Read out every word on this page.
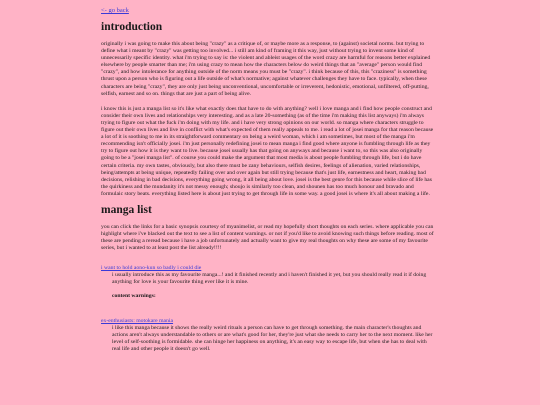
<- go back
introduction

originally i was going to make this about being "crazy" as a critique of, or maybe more as a response, to (against) societal norms. but trying to define what i meant by "crazy" was getting too involved... i still am kind of framing it this way, just without trying to invent some kind of unnecessarily specific identity. what i'm trying to say is: the violent and ableist usages of the word crazy are harmful for reasons better explained elsewhere by people smarter than me; i'm using crazy to mean how the characters below do weird things that an "average" person would find "crazy", and how intolerance for anything outside of the norm means you must be "crazy". i think because of this, this "craziness" is something thrust upon a person who is figuring out a life outside of what's normative; against whatever challenges they have to face. typically, when these characters are being "crazy", they are only just being unconventional, uncomfortable or irreverent, hedonistic, emotional, unfiltered, off-putting, selfish, earnest and so on. things that are just a part of being alive.

i know this is just a manga list so it's like what exactly does that have to do with anything? well i love manga and i find how people construct and consider their own lives and relationships very interesting. and as a late 20-something (as of the time i'm making this list anyways) i'm always trying to figure out what the fuck i'm doing with my life. and i have very strong opinions on our world. so manga where characters struggle to figure out their own lives and live in conflict with what's expected of them really appeals to me. i read a lot of josei manga for that reason because a lot of it is soothing to me in its straightforward commentary on being a weird woman, which i am sometimes, but most of the manga i'm recommending isn't officially josei. i'm just personally redefining josei to mean manga i find good where anyone is fumbling through life as they try to figure out how it is they want to live. because josei usually has that going on anyways and because i want to, so this was also originally going to be a "josei manga list". of course you could make the argument that most media is about people fumbling through life, but i do have certain criteria. my own tastes, obviously, but also there must be zany behaviours, selfish desires, feelings of alienation, varied relationships, being/attempts at being unique, repeatedly failing over and over again but still trying because that's just life, earnestness and heart, making bad decisions, relishing in bad decisions, everything going wrong, it all being about love. josei is the best genre for this because while slice of life has the quirkiness and the mundanity it's not messy enough; shoujo is similarly too clean, and shounen has too much honour and bravado and formulaic story beats. everything listed here is about just trying to get through life in some way. a good josei is where it's all about making a life.

manga list

you can click the links for a basic synopsis courtesy of myanimelist, or read my hopefully short thoughts on each series. where applicable you can highlight where i've blacked out the text to see a list of content warnings. or not if you'd like to avoid knowing such things before reading. most of these are pending a reread because i have a job unfortunately and actually want to give my real thoughts on why these are some of my favourite series, but i wanted to at least post the list already!!!!

i want to hold aono-kun so badly i could die

i usually introduce this as my favourite manga...! and it finished recently and i haven't finished it yet, but you should really read it if doing anything for love is your favourite thing ever like it is mine.

content warnings:
ex-enthusiasts: motokare mania

i like this manga because it shows the really weird rituals a person can have to get through something. the main character's thoughts and actions aren't always understandable to others or are what's good for her, they're just what she needs to carry her to the next moment. like her level of self-soothing is formidable. she can hinge her happiness on anything, it's an easy way to escape life, but when she has to deal with real life and other people it doesn't go well.
